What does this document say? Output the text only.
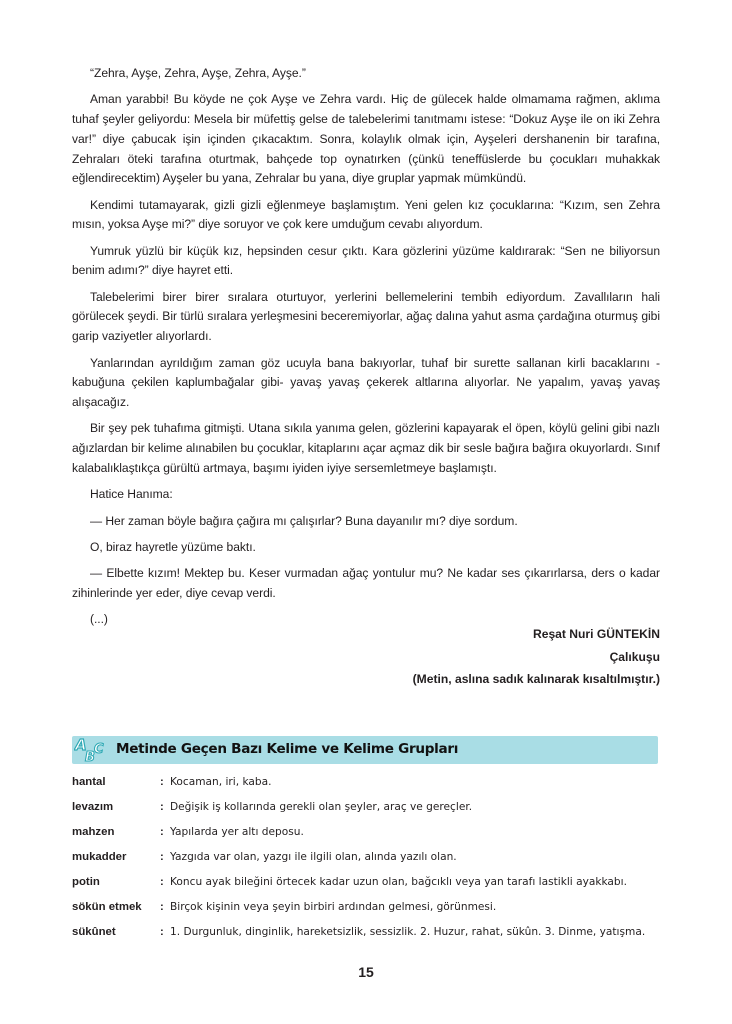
“Zehra, Ayşe, Zehra, Ayşe, Zehra, Ayşe.”

Aman yarabbi! Bu köyde ne çok Ayşe ve Zehra vardı. Hiç de gülecek halde olmamama rağmen, aklıma tuhaf şeyler geliyordu: Mesela bir müfettiş gelse de talebelerimi tanıtmamı istese: “Dokuz Ayşe ile on iki Zehra var!” diye çabucak işin içinden çıkacaktım. Sonra, kolaylık olmak için, Ayşeleri dershanenin bir tarafına, Zehraları öteki tarafına oturtmak, bahçede top oynatırken (çünkü teneffüslerde bu çocukları muhakkak eğlendirecektim) Ayşeler bu yana, Zehralar bu yana, diye gruplar yapmak mümkündü.

Kendimi tutamayarak, gizli gizli eğlenmeye başlamıştım. Yeni gelen kız çocuklarına: “Kızım, sen Zehra mısın, yoksa Ayşe mi?” diye soruyor ve çok kere umduğum cevabı alıyordum.

Yumruk yüzlü bir küçük kız, hepsinden cesur çıktı. Kara gözlerini yüzüme kaldırarak: “Sen ne biliyorsun benim adımı?” diye hayret etti.

Talebelerimi birer birer sıralara oturtuyor, yerlerini bellemelerini tembih ediyordum. Zavallıların hali görülecek şeydi. Bir türlü sıralara yerleşmesini beceremiyorlar, ağaç dalına yahut asma çardağına oturmuş gibi garip vaziyetler alıyorlardı.

Yanlarından ayrıldığım zaman göz ucuyla bana bakıyorlar, tuhaf bir surette sallanan kirli bacaklarını -kabuğuna çekilen kaplumbağalar gibi- yavaş yavaş çekerek altlarına alıyorlar. Ne yapalım, yavaş yavaş alışacağız.

Bir şey pek tuhafıma gitmişti. Utana sıkıla yanıma gelen, gözlerini kapayarak el öpen, köylü gelini gibi nazlı ağızlardan bir kelime alınabilen bu çocuklar, kitaplarını açar açmaz dik bir sesle bağıra bağıra okuyorlardı. Sınıf kalabalıklaştıkça gürültü artmaya, başımı iyiden iyiye sersemletmeye başlamıştı.

Hatice Hanıma:

— Her zaman böyle bağıra çağıra mı çalışırlar? Buna dayanılır mı? diye sordum.

O, biraz hayretle yüzüme baktı.

— Elbette kızım! Mektep bu. Keser vurmadan ağaç yontulur mu? Ne kadar ses çıkarırlarsa, ders o kadar zihinlerinde yer eder, diye cevap verdi.

(...)

Reşat Nuri GÜNTEKİN

Çalıkuşu

(Metin, aslına sadık kalınarak kısaltılmıştır.)

A
B
C Metinde Geçen Bazı Kelime ve Kelime Grupları
hantal	: Kocaman, iri, kaba.
levazım	: Değişik iş kollarında gerekli olan şeyler, araç ve gereçler.
mahzen	: Yapılarda yer altı deposu.
mukadder	: Yazgıda var olan, yazgı ile ilgili olan, alında yazılı olan.
potin	: Koncu ayak bileğini örtecek kadar uzun olan, bağcıklı veya yan tarafı lastikli ayakkabı.
sökün etmek : Birçok kişinin veya şeyin birbiri ardından gelmesi, görünmesi.
sükûnet	: 1. Durgunluk, dinginlik, hareketsizlik, sessizlik. 2. Huzur, rahat, sükûn. 3. Dinme, yatışma.
15
